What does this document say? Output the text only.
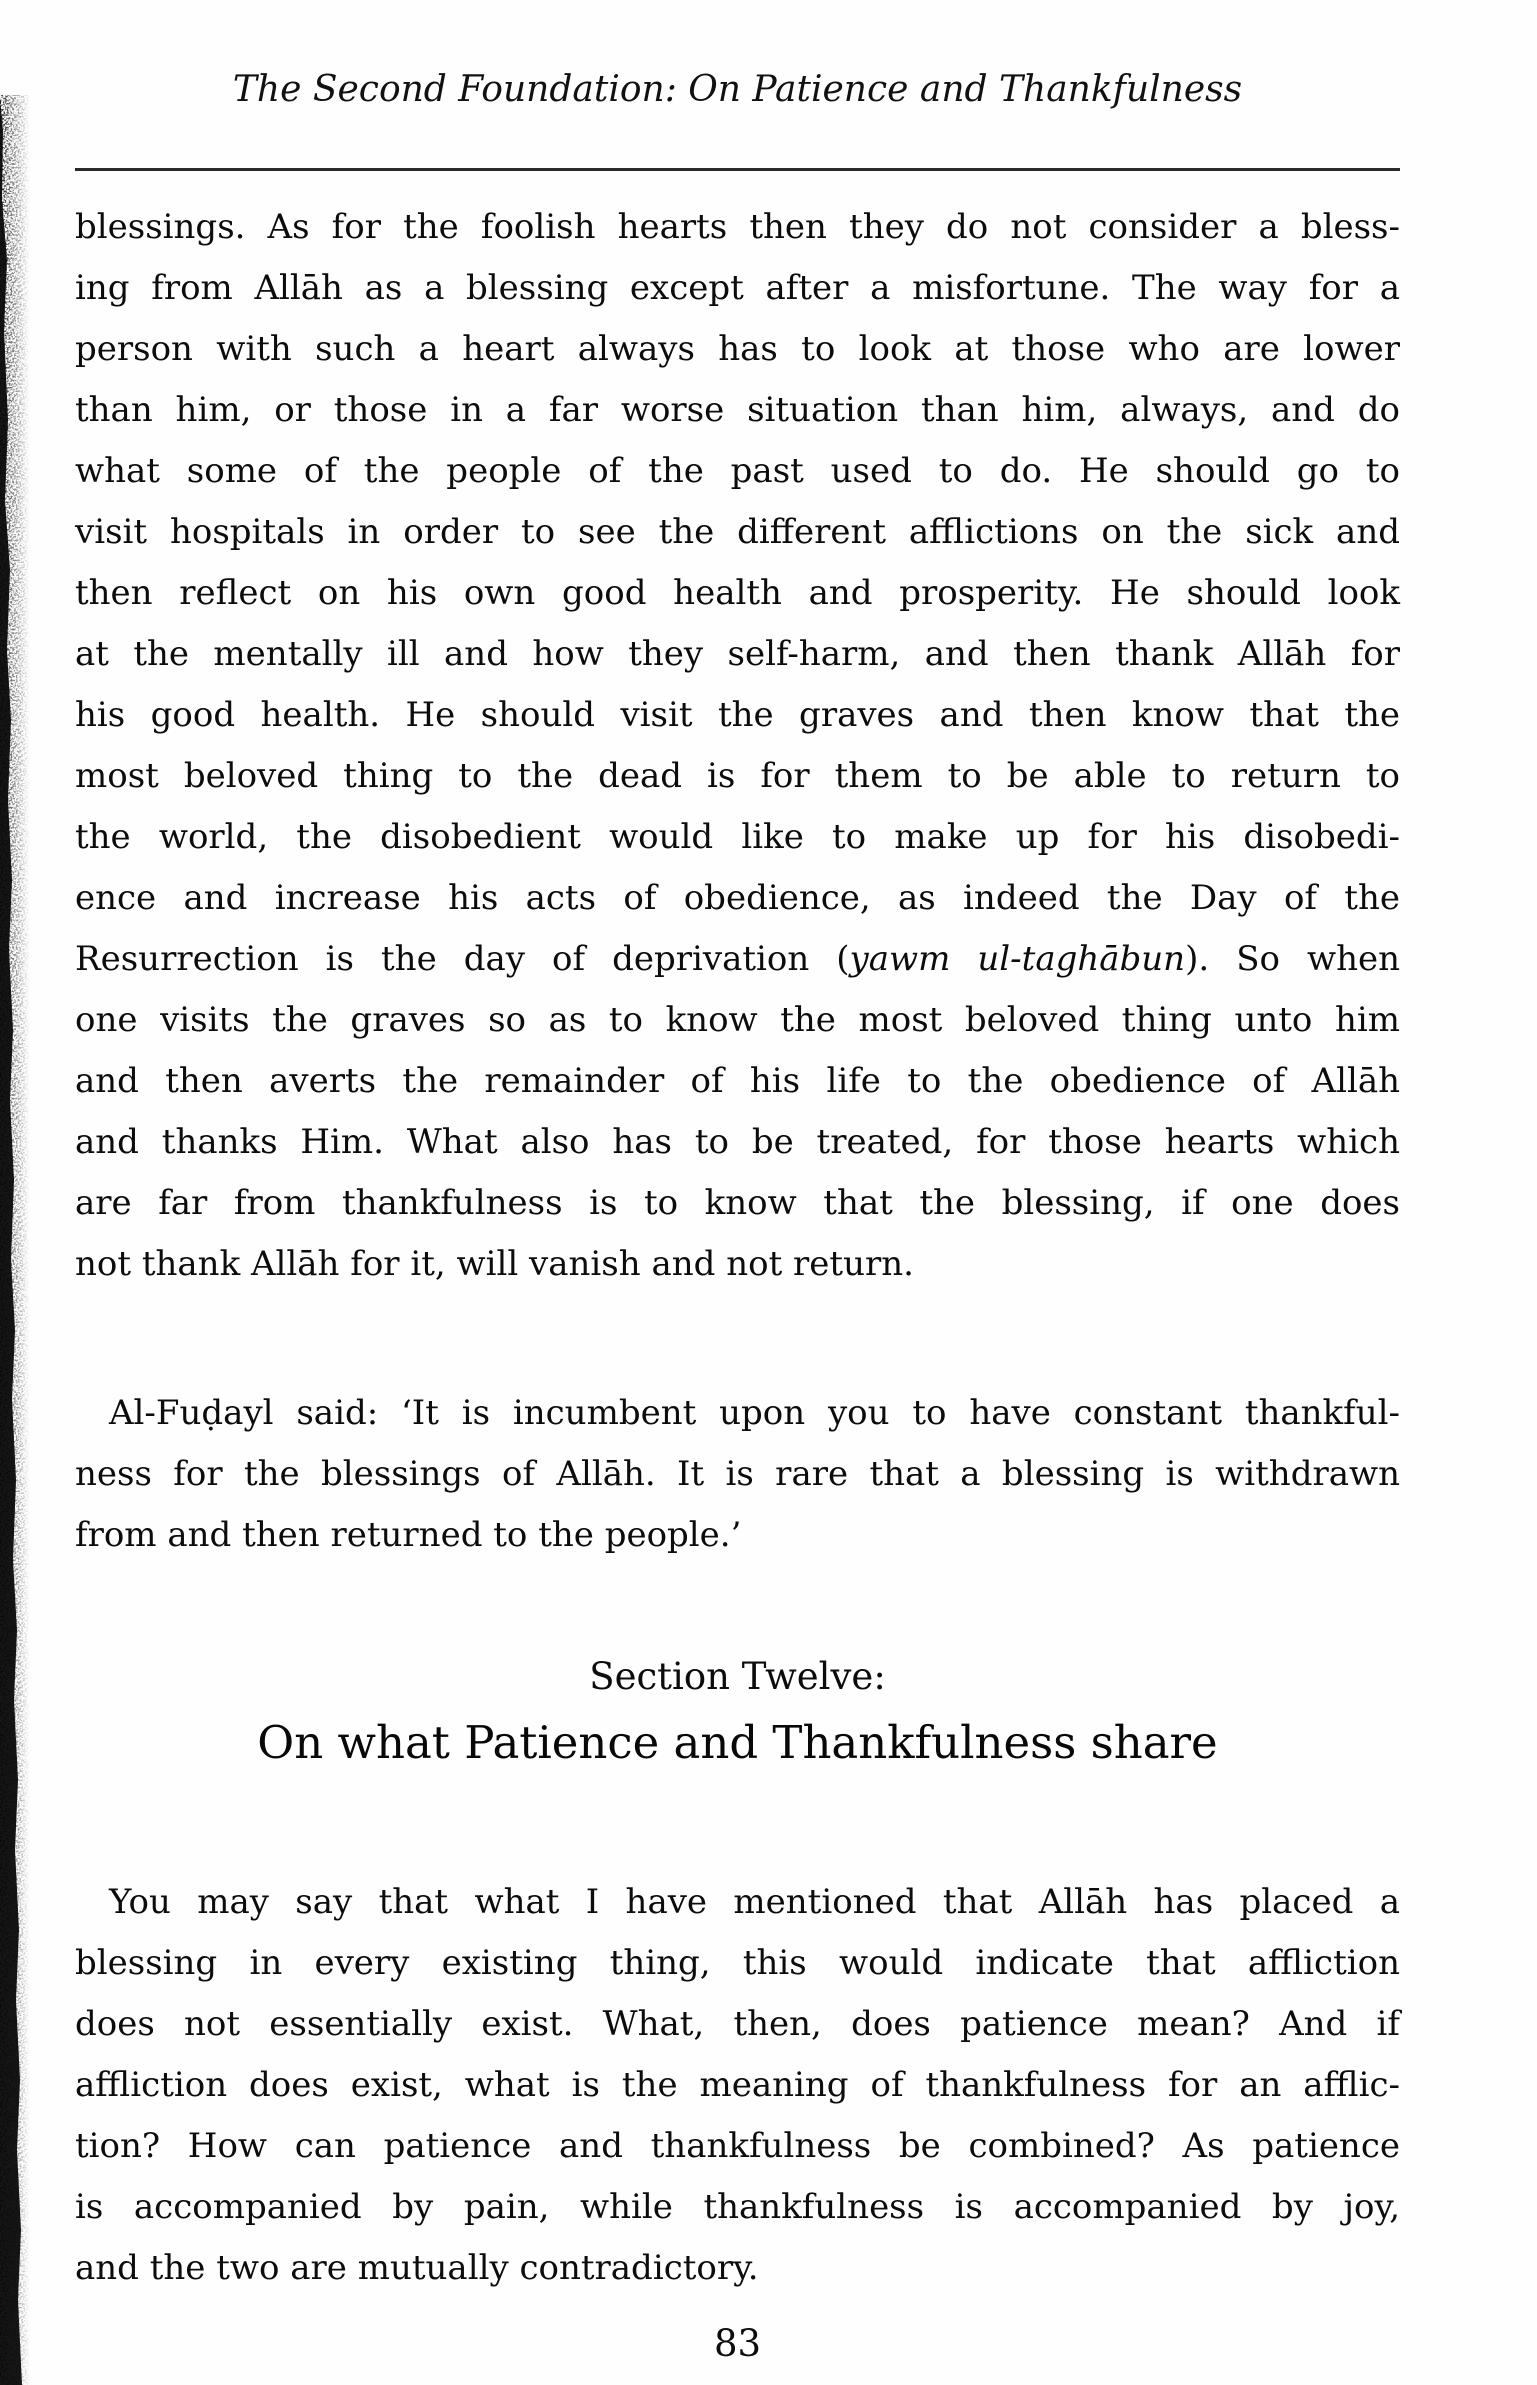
The Second Foundation: On Patience and Thankfulness
blessings. As for the foolish hearts then they do not consider a bless-
ing from Allāh as a blessing except after a misfortune. The way for a
person with such a heart always has to look at those who are lower
than him, or those in a far worse situation than him, always, and do
what some of the people of the past used to do. He should go to
visit hospitals in order to see the different afflictions on the sick and
then reflect on his own good health and prosperity. He should look
at the mentally ill and how they self-harm, and then thank Allāh for
his good health. He should visit the graves and then know that the
most beloved thing to the dead is for them to be able to return to
the world, the disobedient would like to make up for his disobedi-
ence and increase his acts of obedience, as indeed the Day of the
Resurrection is the day of deprivation (yawm ul-taghābun). So when
one visits the graves so as to know the most beloved thing unto him
and then averts the remainder of his life to the obedience of Allāh
and thanks Him. What also has to be treated, for those hearts which
are far from thankfulness is to know that the blessing, if one does
not thank Allāh for it, will vanish and not return.
Al-Fuḍayl said: ‘It is incumbent upon you to have constant thankful-
ness for the blessings of Allāh. It is rare that a blessing is withdrawn
from and then returned to the people.’
Section Twelve:
On what Patience and Thankfulness share
You may say that what I have mentioned that Allāh has placed a
blessing in every existing thing, this would indicate that affliction
does not essentially exist. What, then, does patience mean? And if
affliction does exist, what is the meaning of thankfulness for an afflic-
tion? How can patience and thankfulness be combined? As patience
is accompanied by pain, while thankfulness is accompanied by joy,
and the two are mutually contradictory.
83
